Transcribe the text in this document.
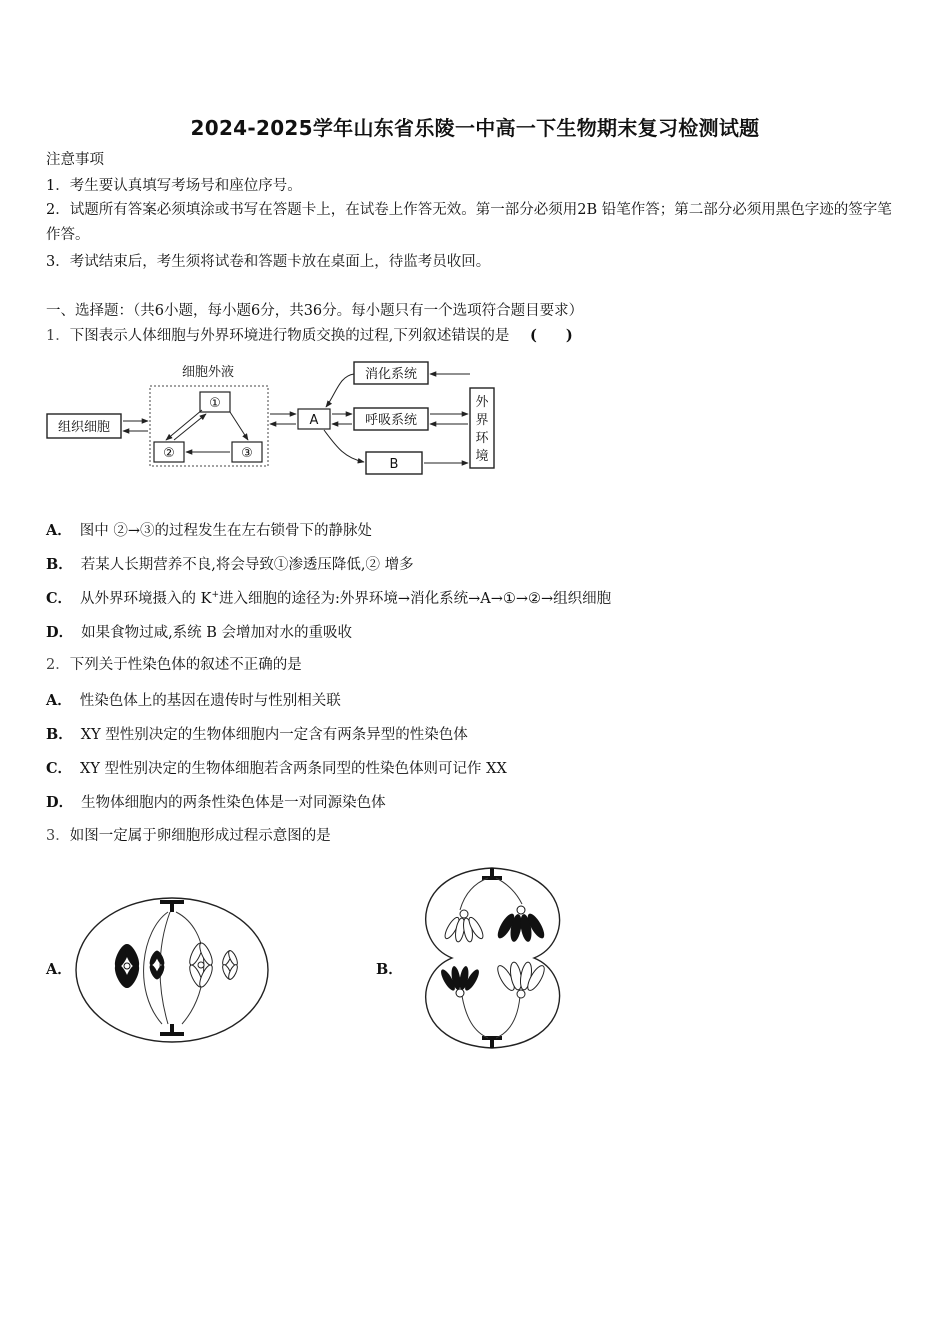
2024-2025学年山东省乐陵一中高一下生物期末复习检测试题
注意事项
1．考生要认真填写考场号和座位序号。
2．试题所有答案必须填涂或书写在答题卡上，在试卷上作答无效。第一部分必须用2B 铅笔作答；第二部分必须用黑色字迹的签字笔作答。
3．考试结束后，考生须将试卷和答题卡放在桌面上，待监考员收回。
一、选择题：（共6小题，每小题6分，共36分。每小题只有一个选项符合题目要求）
1．下图表示人体细胞与外界环境进行物质交换的过程,下列叙述错误的是 (　　)
组织细胞
细胞外液
①
②	③
A
消化系统
呼吸系统
B
外
界
环
境
A． 图中 ②→③的过程发生在左右锁骨下的静脉处
B． 若某人长期营养不良,将会导致①渗透压降低,② 增多
C． 从外界环境摄入的 K+进入细胞的途径为:外界环境→消化系统→A→①→②→组织细胞
D． 如果食物过咸,系统 B 会增加对水的重吸收
2．下列关于性染色体的叙述不正确的是
A． 性染色体上的基因在遗传时与性别相关联
B． XY 型性别决定的生物体细胞内一定含有两条异型的性染色体
C． XY 型性别决定的生物体细胞若含两条同型的性染色体则可记作 XX
D． 生物体细胞内的两条性染色体是一对同源染色体
3．如图一定属于卵细胞形成过程示意图的是
A．	B．
